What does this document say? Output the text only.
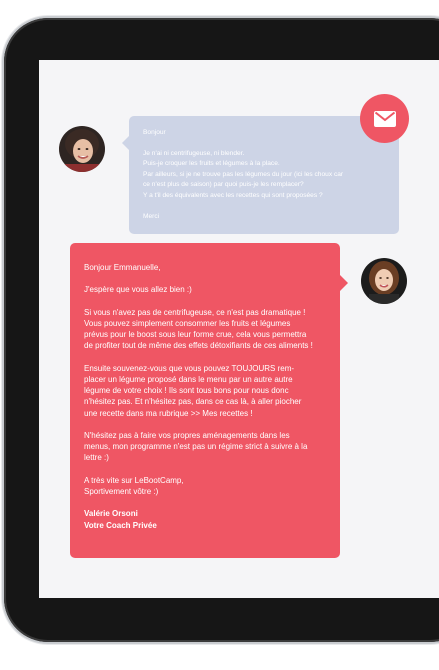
Bonjour

Je n'ai ni centrifugeuse, ni blender.

Puis-je croquer les fruits et légumes à la place.

Par ailleurs, si je ne trouve pas les légumes du jour (ici les choux car

ce n'est plus de saison) par quoi puis-je les remplacer?

Y a t'il des équivalents avec les recettes qui sont proposées ?

Merci

Bonjour Emmanuelle,

J'espère que vous allez bien :)

Si vous n'avez pas de centrifugeuse, ce n'est pas dramatique !

Vous pouvez simplement consommer les fruits et légumes

prévus pour le boost sous leur forme crue, cela vous permettra

de profiter tout de même des effets détoxifiants de ces aliments !

Ensuite souvenez-vous que vous pouvez TOUJOURS rem-

placer un légume proposé dans le menu par un autre autre

légume de votre choix ! Ils sont tous bons pour nous donc

n'hésitez pas. Et n'hésitez pas, dans ce cas là, à aller piocher

une recette dans ma rubrique >> Mes recettes !

N'hésitez pas à faire vos propres aménagements dans les

menus, mon programme n'est pas un régime strict à suivre à la

lettre :)

A très vite sur LeBootCamp,

Sportivement vôtre :)

Valérie Orsoni

Votre Coach Privée
